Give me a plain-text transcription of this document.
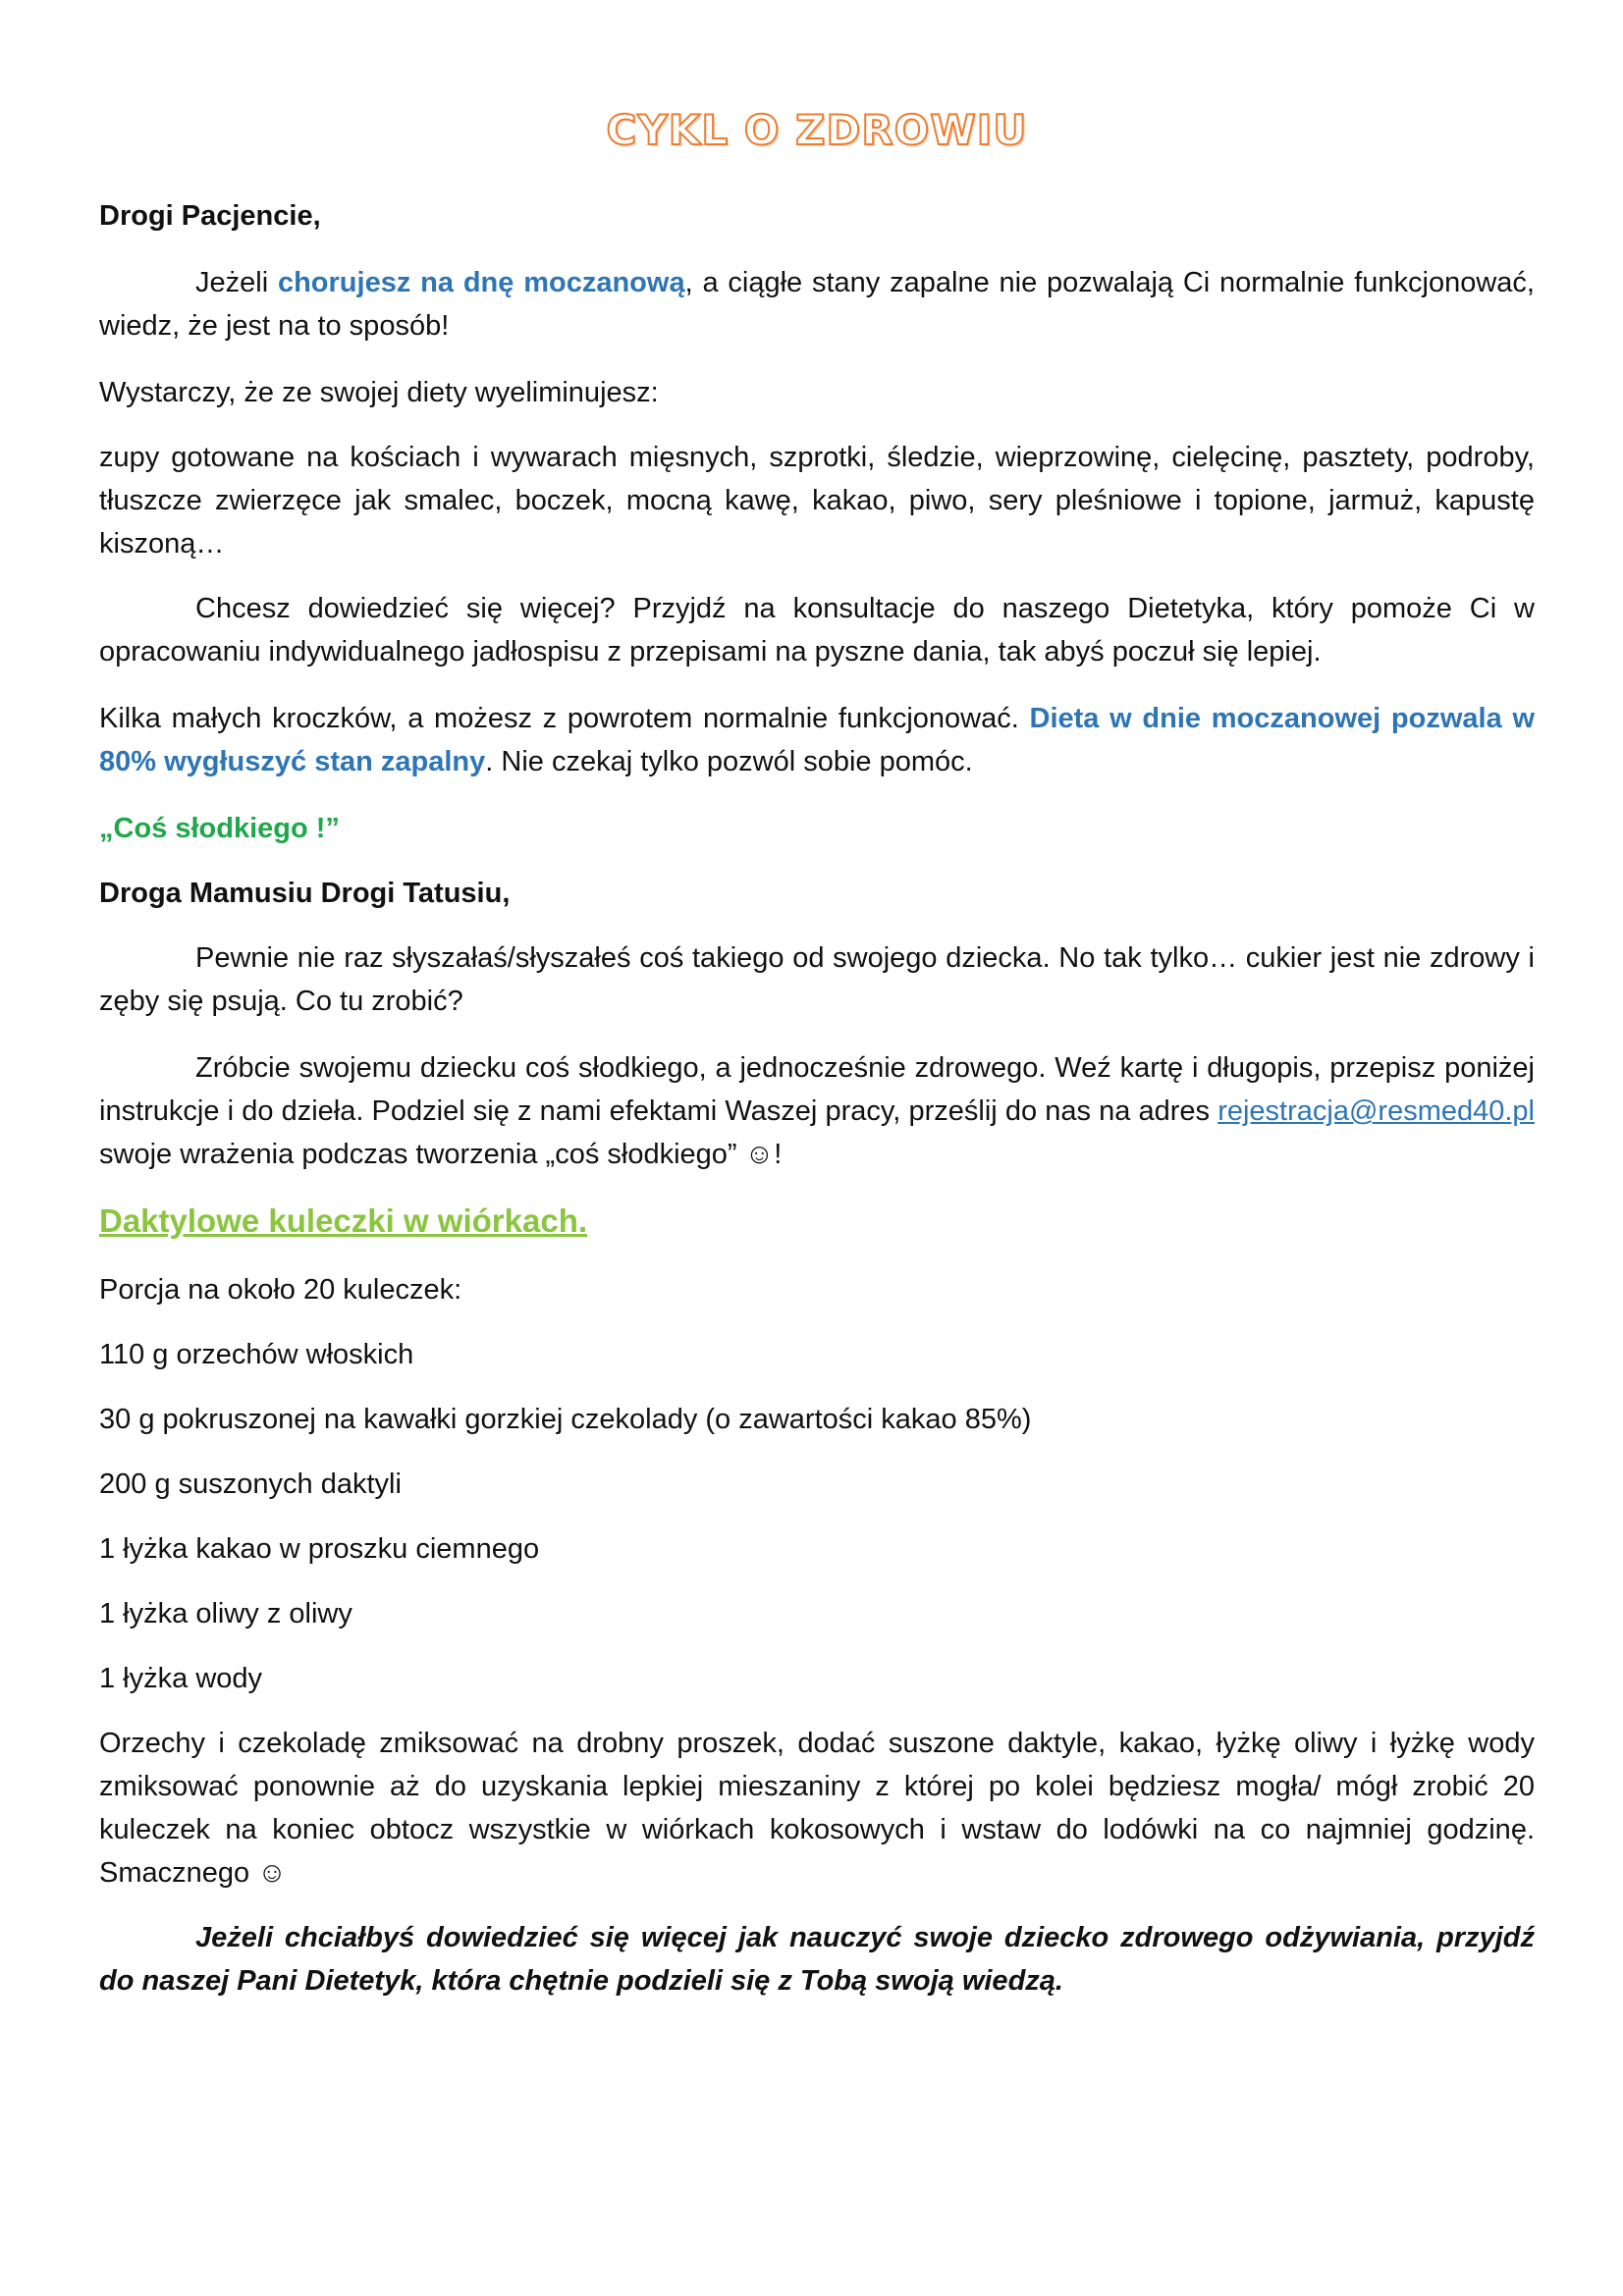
CYKL O ZDROWIU

Drogi Pacjencie,

Jeżeli chorujesz na dnę moczanową, a ciągłe stany zapalne nie pozwalają Ci normalnie funkcjonować, wiedz, że jest na to sposób!

Wystarczy, że ze swojej diety wyeliminujesz:

zupy gotowane na kościach i wywarach mięsnych, szprotki, śledzie, wieprzowinę, cielęcinę, pasztety, podroby, tłuszcze zwierzęce jak smalec, boczek, mocną kawę, kakao, piwo, sery pleśniowe i topione, jarmuż, kapustę kiszoną…

Chcesz dowiedzieć się więcej? Przyjdź na konsultacje do naszego Dietetyka, który pomoże Ci w opracowaniu indywidualnego jadłospisu z przepisami na pyszne dania, tak abyś poczuł się lepiej.

Kilka małych kroczków, a możesz z powrotem normalnie funkcjonować. Dieta w dnie moczanowej pozwala w 80% wygłuszyć stan zapalny. Nie czekaj tylko pozwól sobie pomóc.

„Coś słodkiego !”

Droga Mamusiu Drogi Tatusiu,

Pewnie nie raz słyszałaś/słyszałeś coś takiego od swojego dziecka. No tak tylko… cukier jest nie zdrowy i zęby się psują. Co tu zrobić?

Zróbcie swojemu dziecku coś słodkiego, a jednocześnie zdrowego. Weź kartę i długopis, przepisz poniżej instrukcje i do dzieła. Podziel się z nami efektami Waszej pracy, prześlij do nas na adres rejestracja@resmed40.pl swoje wrażenia podczas tworzenia „coś słodkiego” ☺!

Daktylowe kuleczki w wiórkach.

Porcja na około 20 kuleczek:

110 g orzechów włoskich

30 g pokruszonej na kawałki gorzkiej czekolady (o zawartości kakao 85%)

200 g suszonych daktyli

1 łyżka kakao w proszku ciemnego

1 łyżka oliwy z oliwy

1 łyżka wody

Orzechy i czekoladę zmiksować na drobny proszek, dodać suszone daktyle, kakao, łyżkę oliwy i łyżkę wody zmiksować ponownie aż do uzyskania lepkiej mieszaniny z której po kolei będziesz mogła/ mógł zrobić 20 kuleczek na koniec obtocz wszystkie w wiórkach kokosowych i wstaw do lodówki na co najmniej godzinę. Smacznego ☺

Jeżeli chciałbyś dowiedzieć się więcej jak nauczyć swoje dziecko zdrowego odżywiania, przyjdź do naszej Pani Dietetyk, która chętnie podzieli się z Tobą swoją wiedzą.
